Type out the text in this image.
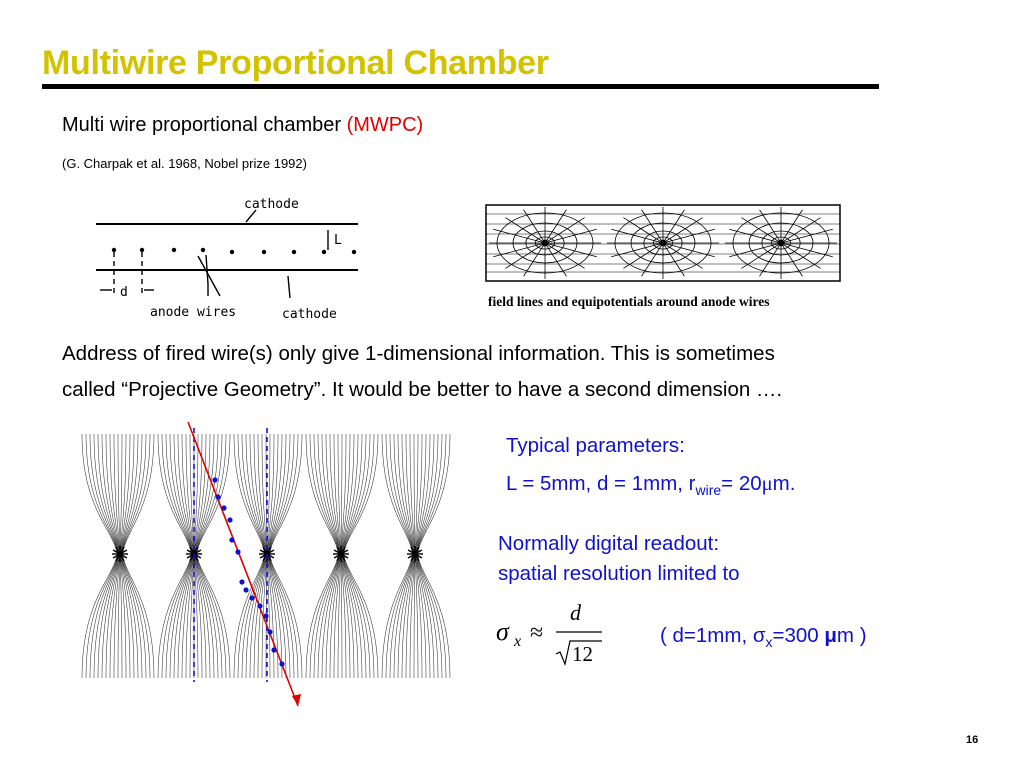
Multiwire Proportional Chamber
Multi wire proportional chamber (MWPC)
(G. Charpak et al. 1968, Nobel prize 1992)
cathode
L
d
anode wires	cathode
field lines and equipotentials around anode wires
Address of fired wire(s) only give 1-dimensional information. This is sometimes
called “Projective Geometry”. It would be better to have a second dimension ….
Typical parameters:
L = 5mm, d = 1mm, $r_{wire}= 20\mu m$.
Normally digital readout:
spatial resolution limited to
σ x ≈
d
12
( d=1mm, $\sigma_x=300$ μm )
16
